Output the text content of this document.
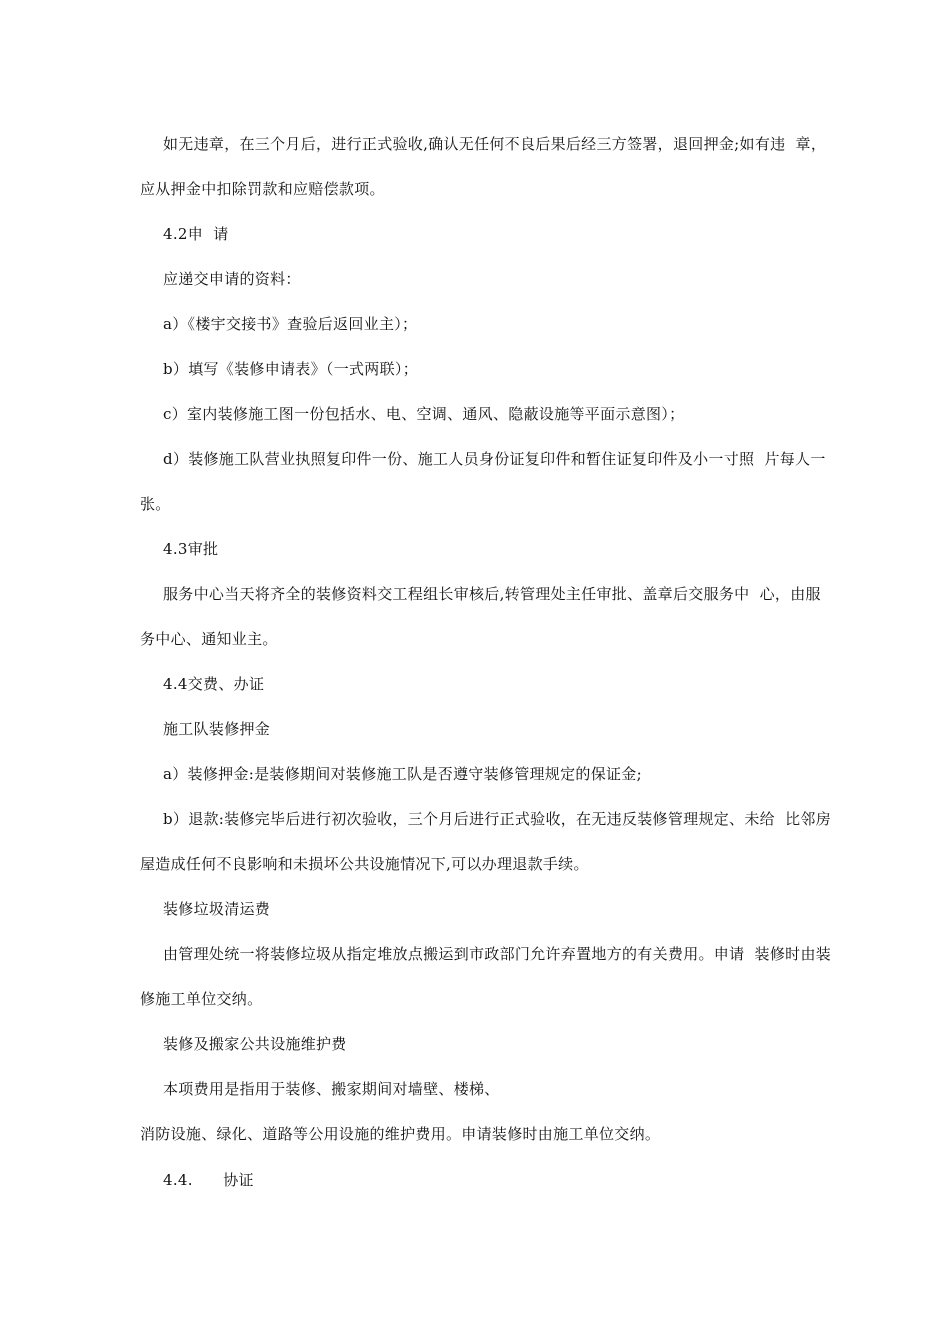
如无违章，在三个月后，进行正式验收,确认无任何不良后果后经三方签署，退回押金;如有违  章，
应从押金中扣除罚款和应赔偿款项。
4.2申  请
应递交申请的资料：
a）《楼宇交接书》查验后返回业主）；
b）填写《装修申请表》（一式两联）；
c）室内装修施工图一份包括水、电、空调、通风、隐蔽设施等平面示意图）；
d）装修施工队营业执照复印件一份、施工人员身份证复印件和暂住证复印件及小一寸照  片每人一
张。
4.3审批
服务中心当天将齐全的装修资料交工程组长审核后,转管理处主任审批、盖章后交服务中  心，由服
务中心、通知业主。
4.4交费、办证
施工队装修押金
a）装修押金:是装修期间对装修施工队是否遵守装修管理规定的保证金;
b）退款:装修完毕后进行初次验收，三个月后进行正式验收，在无违反装修管理规定、未给  比邻房
屋造成任何不良影响和未损坏公共设施情况下,可以办理退款手续。
装修垃圾清运费
由管理处统一将装修垃圾从指定堆放点搬运到市政部门允许弃置地方的有关费用。申请  装修时由装
修施工单位交纳。
装修及搬家公共设施维护费
本项费用是指用于装修、搬家期间对墙壁、楼梯、
消防设施、绿化、道路等公用设施的维护费用。申请装修时由施工单位交纳。
4.4.      协证
